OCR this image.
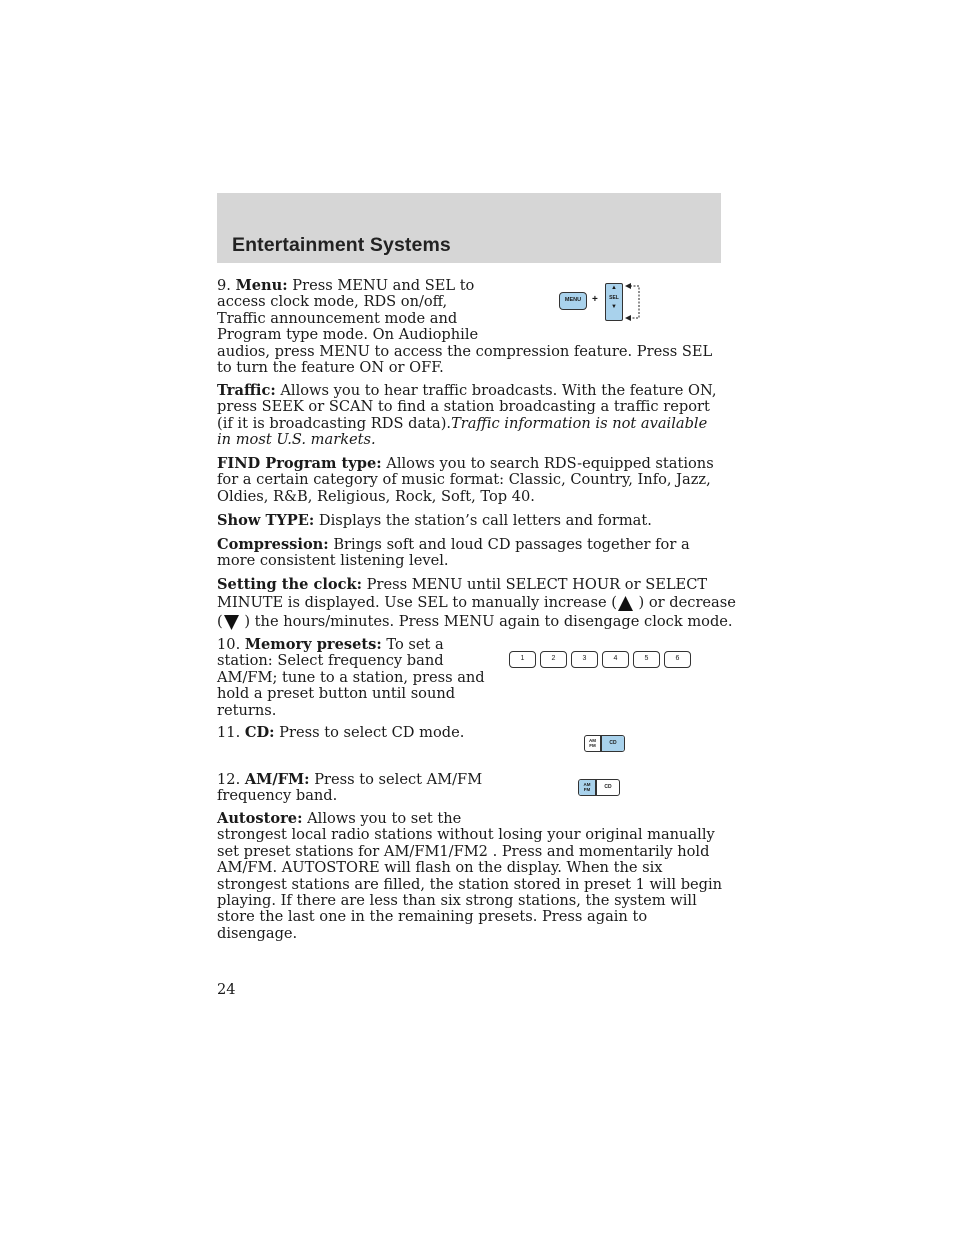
Entertainment Systems
9. Menu: Press MENU and SEL to
access clock mode, RDS on/off,
Traffic announcement mode and
Program type mode. On Audiophile
audios, press MENU to access the compression feature. Press SEL to turn the feature ON or OFF.
MENU	+
▲
SEL
▼
Traffic: Allows you to hear traffic broadcasts. With the feature ON, press SEEK or SCAN to find a station broadcasting a traffic report (if it is broadcasting RDS data).Traffic information is not available in most U.S. markets.
FIND Program type: Allows you to search RDS-equipped stations for a certain category of music format: Classic, Country, Info, Jazz, Oldies, R&B, Religious, Rock, Soft, Top 40.
Show TYPE: Displays the station’s call letters and format.
Compression: Brings soft and loud CD passages together for a more consistent listening level.
Setting the clock: Press MENU until SELECT HOUR or SELECT
MINUTE is displayed. Use SEL to manually increase ( ) or decrease
( ) the hours/minutes. Press MENU again to disengage clock mode.
10. Memory presets: To set a
station: Select frequency band
AM/FM; tune to a station, press and
hold a preset button until sound
returns.
1	2	3	4	5	6
11. CD: Press to select CD mode.	AM
FM	CD
12. AM/FM: Press to select AM/FM
frequency band.
AM
FM	CD
Autostore: Allows you to set the
strongest local radio stations without losing your original manually set preset stations for AM/FM1/FM2 . Press and momentarily hold AM/FM. AUTOSTORE will flash on the display. When the six strongest stations are filled, the station stored in preset 1 will begin playing. If there are less than six strong stations, the system will store the last one in the remaining presets. Press again to disengage.
24
